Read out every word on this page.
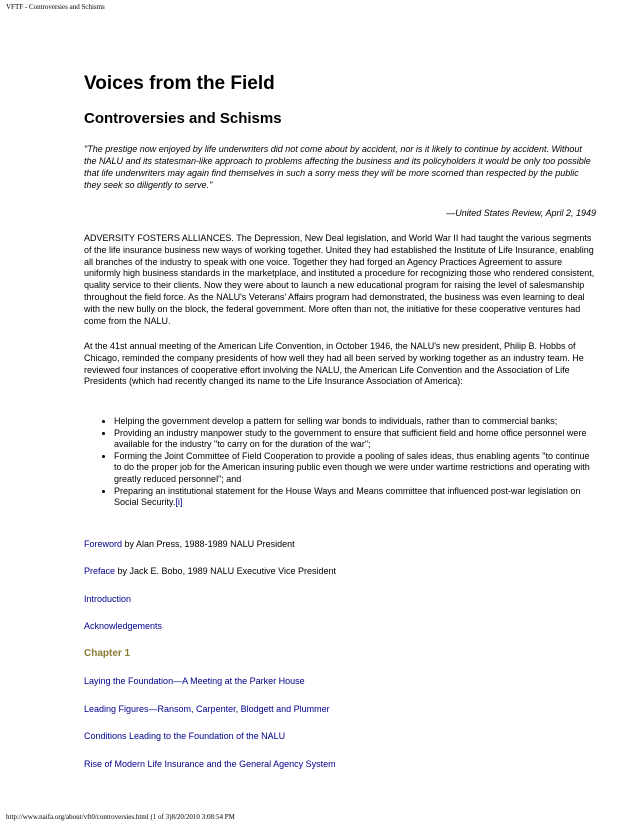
VFTF - Controversies and Schisms
Voices from the Field
Controversies and Schisms

"The prestige now enjoyed by life underwriters did not come about by accident, nor is it likely to continue by accident. Without the NALU and its statesman-like approach to problems affecting the business and its policyholders it would be only too possible that life underwriters may again find themselves in such a sorry mess they will be more scorned than respected by the public they seek so diligently to serve."

—United States Review, April 2, 1949

ADVERSITY FOSTERS ALLIANCES. The Depression, New Deal legislation, and World War II had taught the various segments of the life insurance business new ways of working together. United they had established the Institute of Life Insurance, enabling all branches of the industry to speak with one voice. Together they had forged an Agency Practices Agreement to assure uniformly high business standards in the marketplace, and instituted a procedure for recognizing those who rendered consistent, quality service to their clients. Now they were about to launch a new educational program for raising the level of salesmanship throughout the field force. As the NALU's Veterans' Affairs program had demonstrated, the business was even learning to deal with the new bully on the block, the federal government. More often than not, the initiative for these cooperative ventures had come from the NALU.

At the 41st annual meeting of the American Life Convention, in October 1946, the NALU's new president, Philip B. Hobbs of Chicago, reminded the company presidents of how well they had all been served by working together as an industry team. He reviewed four instances of cooperative effort involving the NALU, the American Life Convention and the Association of Life Presidents (which had recently changed its name to the Life Insurance Association of America):

• Helping the government develop a pattern for selling war bonds to individuals, rather than to commercial banks;
• Providing an industry manpower study to the government to ensure that sufficient field and home office personnel were available for the industry "to carry on for the duration of the war";
• Forming the Joint Committee of Field Cooperation to provide a pooling of sales ideas, thus enabling agents "to continue to do the proper job for the American insuring public even though we were under wartime restrictions and operating with greatly reduced personnel"; and
• Preparing an institutional statement for the House Ways and Means committee that influenced post-war legislation on Social Security.[i]

Foreword by Alan Press, 1988-1989 NALU President

Preface by Jack E. Bobo, 1989 NALU Executive Vice President

Introduction

Acknowledgements

Chapter 1

Laying the Foundation—A Meeting at the Parker House

Leading Figures—Ransom, Carpenter, Blodgett and Plummer

Conditions Leading to the Foundation of the NALU

Rise of Modern Life Insurance and the General Agency System

http://www.naifa.org/about/vft0/controversies.html (1 of 3)8/20/2010 3:08:54 PM
